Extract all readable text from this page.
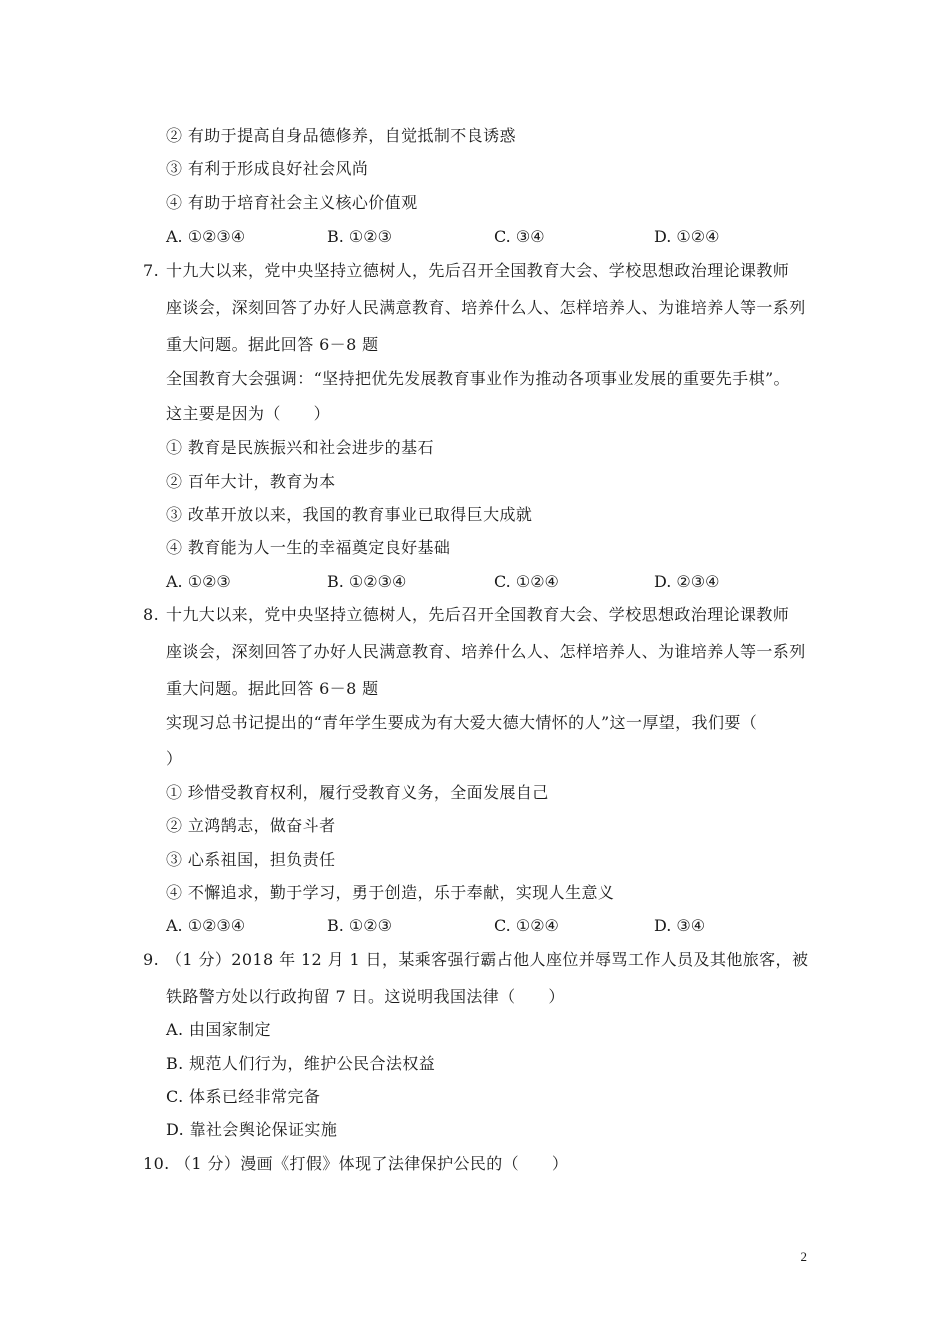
② 有助于提高自身品德修养，自觉抵制不良诱惑
③ 有利于形成良好社会风尚
④ 有助于培育社会主义核心价值观
A. ①②③④	B. ①②③	C. ③④	D. ①②④
7. 十九大以来，党中央坚持立德树人，先后召开全国教育大会、学校思想政治理论课教师
座谈会，深刻回答了办好人民满意教育、培养什么人、怎样培养人、为谁培养人等一系列
重大问题。据此回答 6－8 题
全国教育大会强调：“坚持把优先发展教育事业作为推动各项事业发展的重要先手棋”。
这主要是因为（　　）
① 教育是民族振兴和社会进步的基石
② 百年大计，教育为本
③ 改革开放以来，我国的教育事业已取得巨大成就
④ 教育能为人一生的幸福奠定良好基础
A. ①②③	B. ①②③④	C. ①②④	D. ②③④
8. 十九大以来，党中央坚持立德树人，先后召开全国教育大会、学校思想政治理论课教师
座谈会，深刻回答了办好人民满意教育、培养什么人、怎样培养人、为谁培养人等一系列
重大问题。据此回答 6－8 题
实现习总书记提出的“青年学生要成为有大爱大德大情怀的人”这一厚望，我们要（
）
① 珍惜受教育权利，履行受教育义务，全面发展自己
② 立鸿鹄志，做奋斗者
③ 心系祖国，担负责任
④ 不懈追求，勤于学习，勇于创造，乐于奉献，实现人生意义
A. ①②③④	B. ①②③	C. ①②④	D. ③④
9. （1 分）2018 年 12 月 1 日，某乘客强行霸占他人座位并辱骂工作人员及其他旅客，被
铁路警方处以行政拘留 7 日。这说明我国法律（　　）
A. 由国家制定
B. 规范人们行为，维护公民合法权益
C. 体系已经非常完备
D. 靠社会舆论保证实施
10. （1 分）漫画《打假》体现了法律保护公民的（　　）
2
